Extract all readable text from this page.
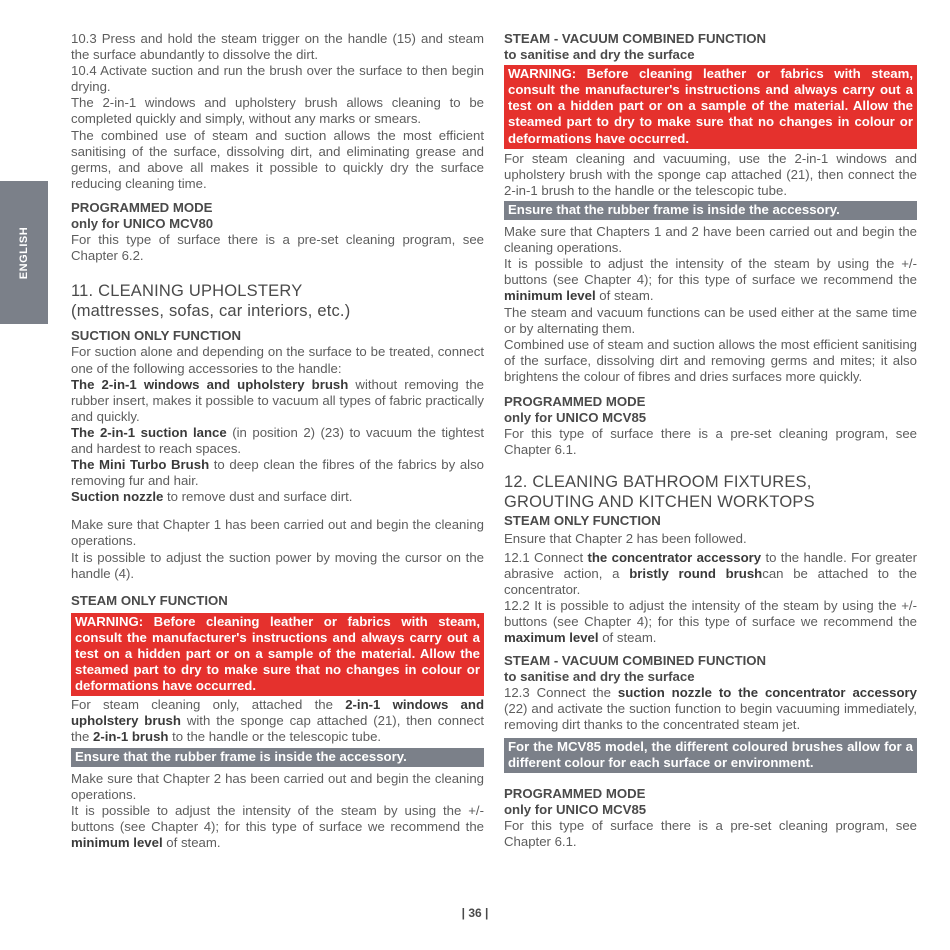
ENGLISH

10.3 Press and hold the steam trigger on the handle (15) and steam the surface abundantly to dissolve the dirt.

10.4 Activate suction and run the brush over the surface to then begin drying.

The 2-in-1 windows and upholstery brush allows cleaning to be completed quickly and simply, without any marks or smears.

The combined use of steam and suction allows the most efficient sanitising of the surface, dissolving dirt, and eliminating grease and germs, and above all makes it possible to quickly dry the surface reducing cleaning time.

PROGRAMMED MODE
only for UNICO MCV80

For this type of surface there is a pre-set cleaning program, see Chapter 6.2.

11. CLEANING UPHOLSTERY
(mattresses, sofas, car interiors, etc.)
SUCTION ONLY FUNCTION

For suction alone and depending on the surface to be treated, connect one of the following accessories to the handle:

The 2-in-1 windows and upholstery brush without removing the rubber insert, makes it possible to vacuum all types of fabric practically and quickly.

The 2-in-1 suction lance (in position 2) (23) to vacuum the tightest and hardest to reach spaces.

The Mini Turbo Brush to deep clean the fibres of the fabrics by also removing fur and hair.

Suction nozzle to remove dust and surface dirt.

Make sure that Chapter 1 has been carried out and begin the cleaning operations.

It is possible to adjust the suction power by moving the cursor on the handle (4).

STEAM ONLY FUNCTION

WARNING: Before cleaning leather or fabrics with steam, consult the manufacturer's instructions and always carry out a test on a hidden part or on a sample of the material. Allow the steamed part to dry to make sure that no changes in colour or deformations have occurred.

For steam cleaning only, attached the 2-in-1 windows and upholstery brush with the sponge cap attached (21), then connect the 2-in-1 brush to the handle or the telescopic tube.

Ensure that the rubber frame is inside the accessory.

Make sure that Chapter 2 has been carried out and begin the cleaning operations.

It is possible to adjust the intensity of the steam by using the +/- buttons (see Chapter 4); for this type of surface we recommend the minimum level of steam.

STEAM - VACUUM COMBINED FUNCTION
to sanitise and dry the surface

WARNING: Before cleaning leather or fabrics with steam, consult the manufacturer's instructions and always carry out a test on a hidden part or on a sample of the material. Allow the steamed part to dry to make sure that no changes in colour or deformations have occurred.

For steam cleaning and vacuuming, use the 2-in-1 windows and upholstery brush with the sponge cap attached (21), then connect the 2-in-1 brush to the handle or the telescopic tube.

Ensure that the rubber frame is inside the accessory.

Make sure that Chapters 1 and 2 have been carried out and begin the cleaning operations.

It is possible to adjust the intensity of the steam by using the +/- buttons (see Chapter 4); for this type of surface we recommend the minimum level of steam.

The steam and vacuum functions can be used either at the same time or by alternating them.

Combined use of steam and suction allows the most efficient sanitising of the surface, dissolving dirt and removing germs and mites; it also brightens the colour of fibres and dries surfaces more quickly.

PROGRAMMED MODE
only for UNICO MCV85

For this type of surface there is a pre-set cleaning program, see Chapter 6.1.

12. CLEANING BATHROOM FIXTURES,
GROUTING AND KITCHEN WORKTOPS
STEAM ONLY FUNCTION

Ensure that Chapter 2 has been followed.

12.1 Connect the concentrator accessory to the handle. For greater abrasive action, a bristly round brushcan be attached to the concentrator.

12.2 It is possible to adjust the intensity of the steam by using the +/- buttons (see Chapter 4); for this type of surface we recommend the maximum level of steam.

STEAM - VACUUM COMBINED FUNCTION
to sanitise and dry the surface

12.3 Connect the suction nozzle to the concentrator accessory (22) and activate the suction function to begin vacuuming immediately, removing dirt thanks to the concentrated steam jet.

For the MCV85 model, the different coloured brushes allow for a different colour for each surface or environment.

PROGRAMMED MODE
only for UNICO MCV85

For this type of surface there is a pre-set cleaning program, see Chapter 6.1.

| 36 |
